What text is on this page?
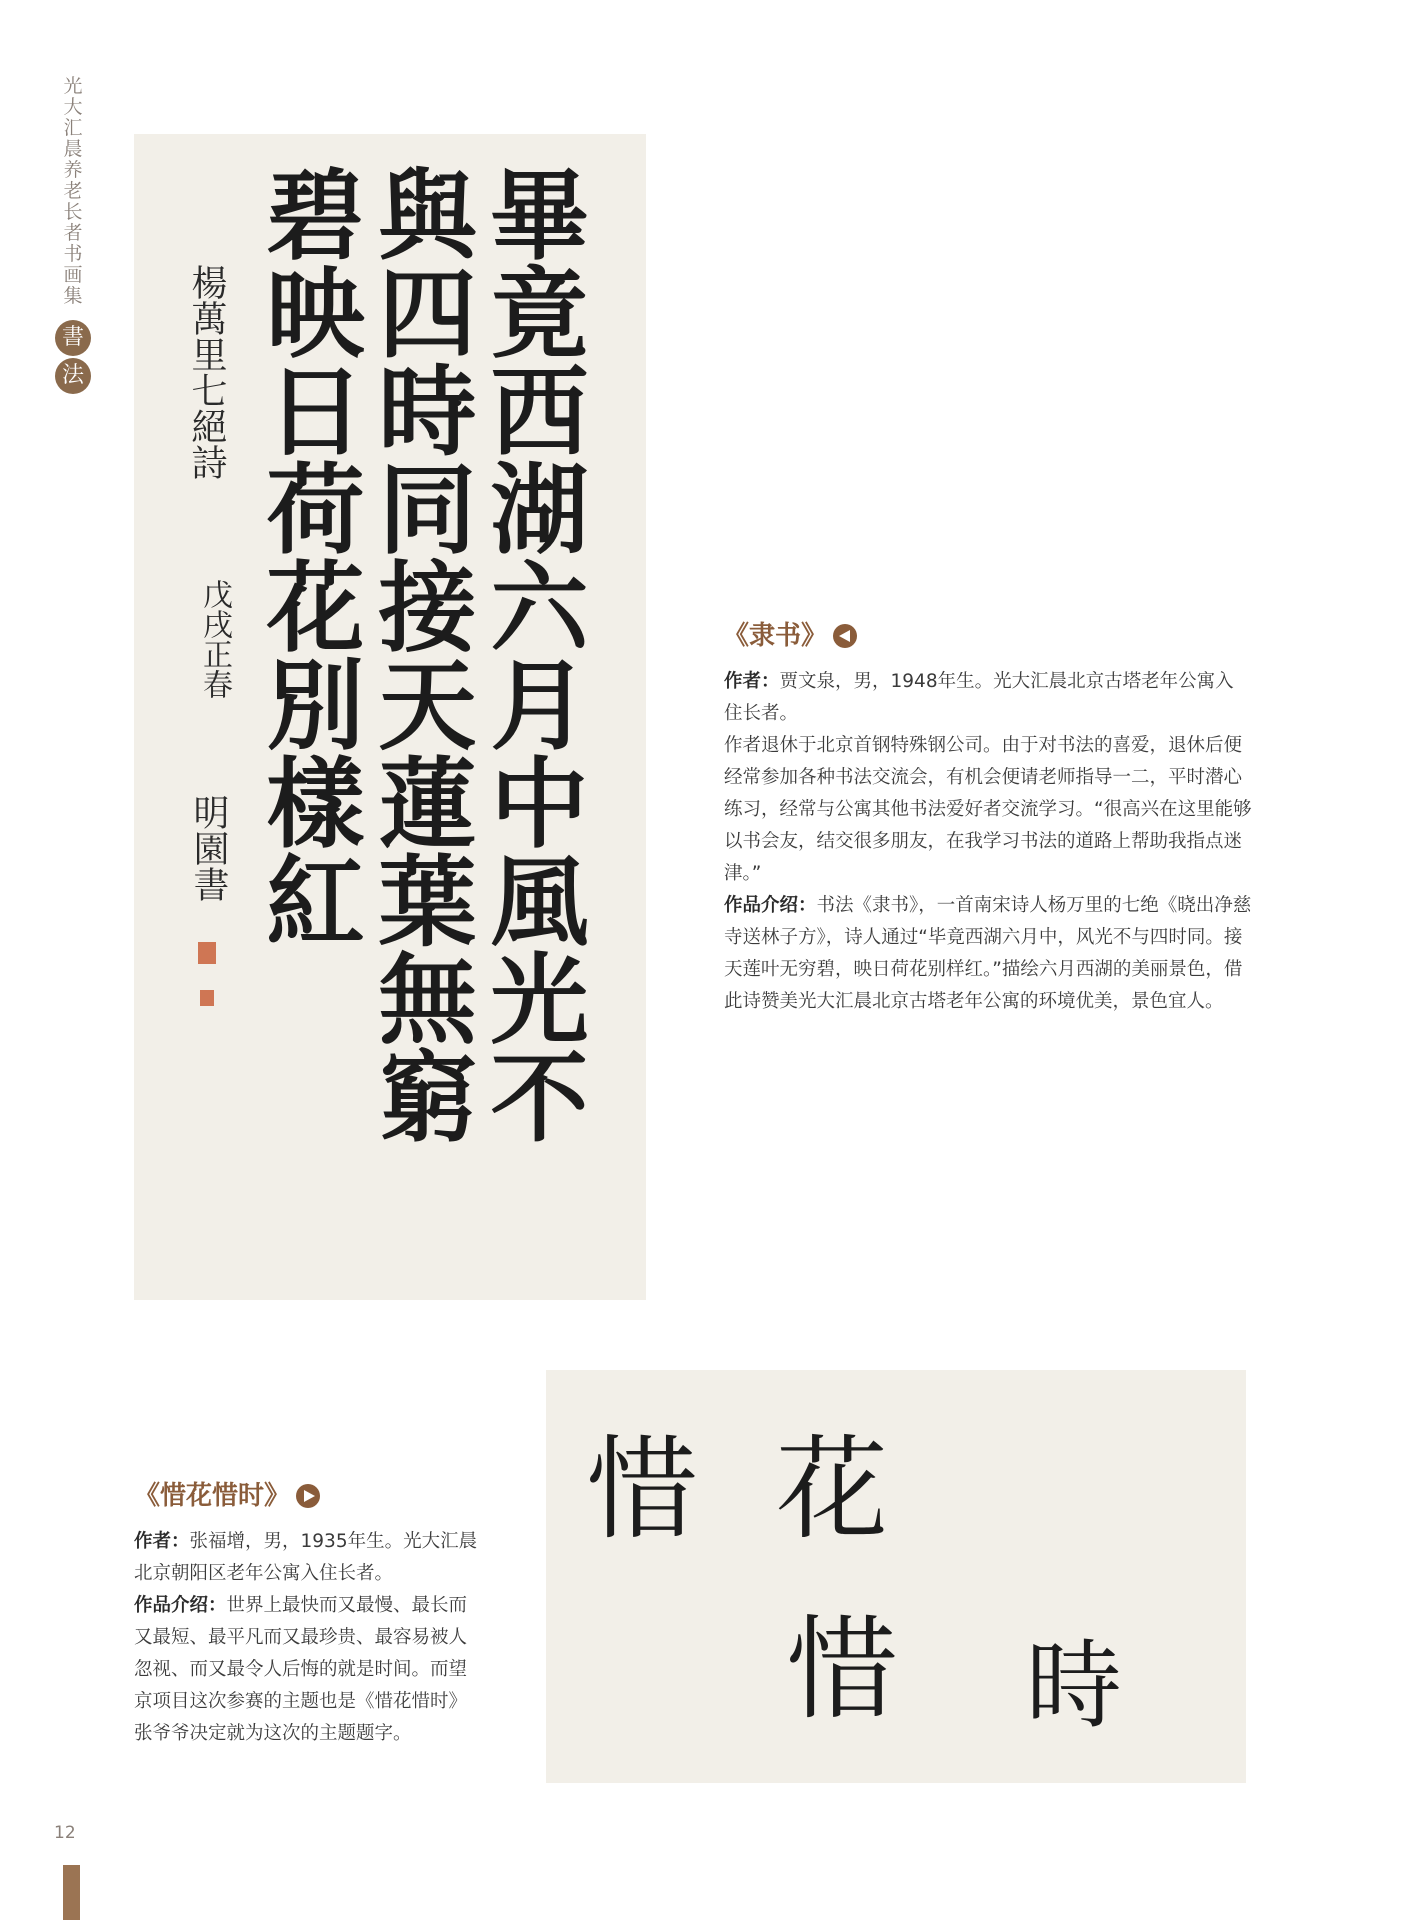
光大汇晨养老长者书画集
書
法	畢竟西湖六月中風光不
與四時同接天蓮葉無窮
碧映日荷花別樣紅
楊萬里七絕詩
戊戌正春
明園書
《隶书》

作者：贾文泉，男，1948年生。光大汇晨北京古塔老年公寓入住长者。

作者退休于北京首钢特殊钢公司。由于对书法的喜爱，退休后便经常参加各种书法交流会，有机会便请老师指导一二，平时潜心练习，经常与公寓其他书法爱好者交流学习。“很高兴在这里能够以书会友，结交很多朋友，在我学习书法的道路上帮助我指点迷津。”

作品介绍：书法《隶书》，一首南宋诗人杨万里的七绝《晓出净慈寺送林子方》，诗人通过“毕竟西湖六月中，风光不与四时同。接天莲叶无穷碧，映日荷花别样红。”描绘六月西湖的美丽景色，借此诗赞美光大汇晨北京古塔老年公寓的环境优美，景色宜人。

惜 花
惜 時
《惜花惜时》

作者：张福增，男，1935年生。光大汇晨北京朝阳区老年公寓入住长者。

作品介绍：世界上最快而又最慢、最长而又最短、最平凡而又最珍贵、最容易被人忽视、而又最令人后悔的就是时间。而望京项目这次参赛的主题也是《惜花惜时》张爷爷决定就为这次的主题题字。

12
